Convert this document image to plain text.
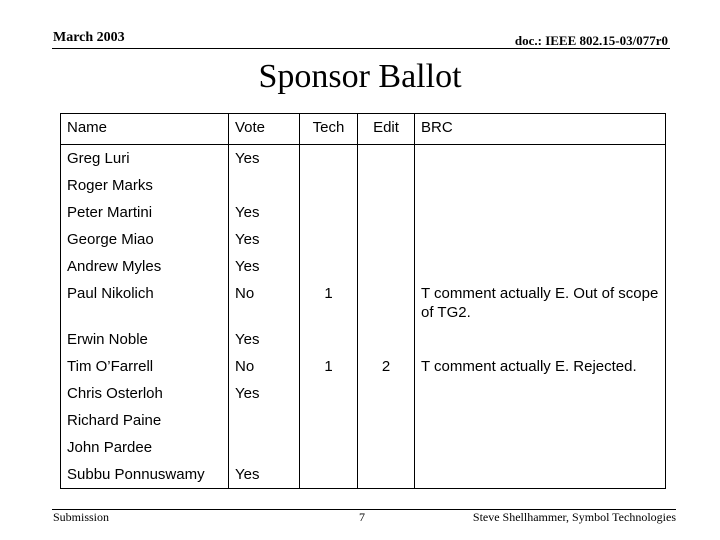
March 2003	doc.: IEEE 802.15-03/077r0
Sponsor Ballot
Name	Vote	Tech	Edit	BRC
Greg Luri	Yes			
Roger Marks				
Peter Martini	Yes			
George Miao	Yes			
Andrew Myles	Yes			
Paul Nikolich	No	1		T comment actually E. Out of scope of TG2.
Erwin Noble	Yes			
Tim O’Farrell	No	1	2	T comment actually E. Rejected.
Chris Osterloh	Yes			
Richard Paine				
John Pardee				
Subbu Ponnuswamy	Yes			
Submission	7	Steve Shellhammer, Symbol Technologies
